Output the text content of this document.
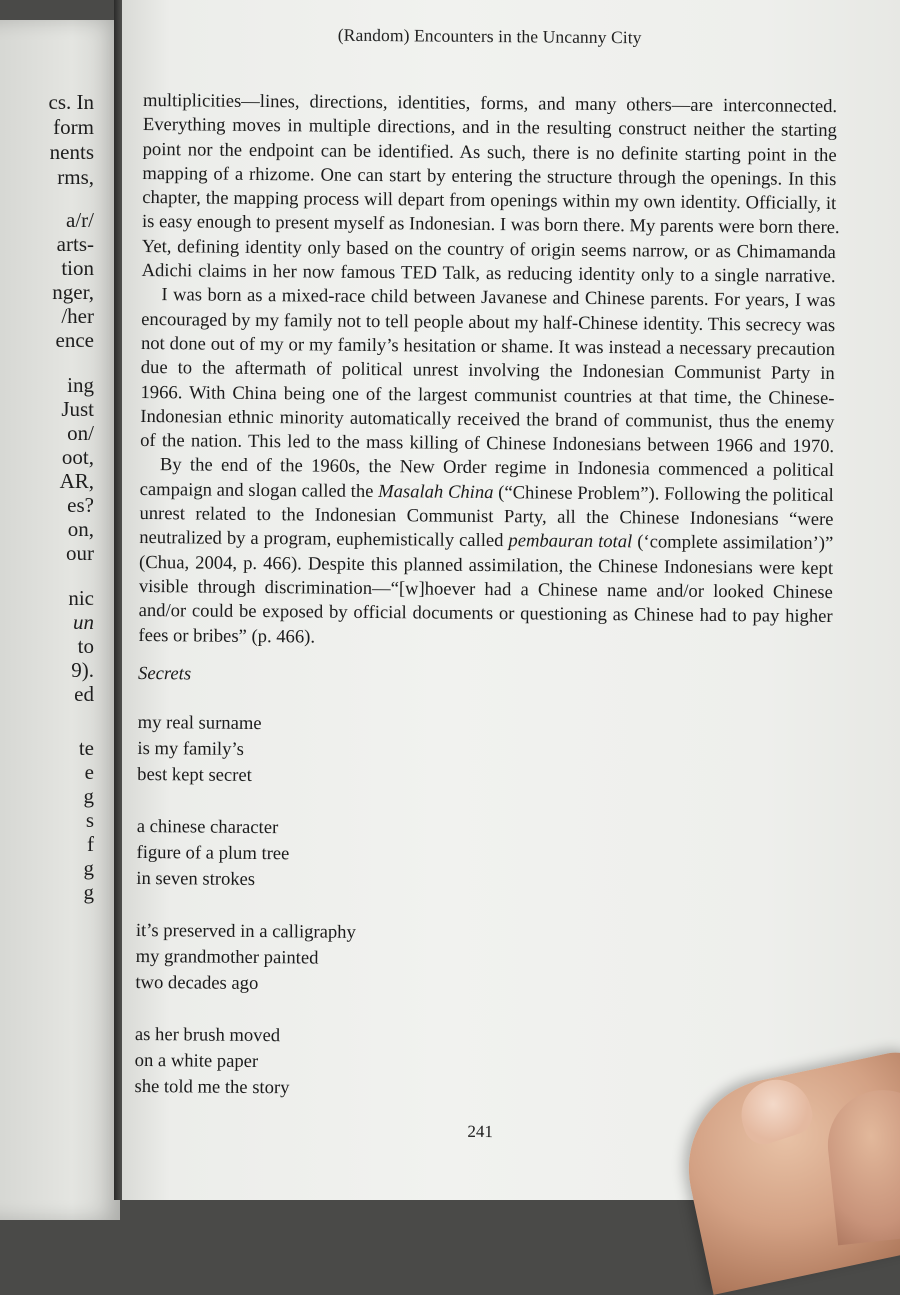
cs. In
form
nents
rms,
a/r/
arts-
tion
nger,
/her
ence
ing
Just
on/
oot,
AR,
es?
on,
our
nic
un
to
9).
ed
te
e
g
s
f
g
g
(Random) Encounters in the Uncanny City

multiplicities—lines, directions, identities, forms, and many others—are interconnected.
Everything moves in multiple directions, and in the resulting construct neither the starting
point nor the endpoint can be identified. As such, there is no definite starting point in the
mapping of a rhizome. One can start by entering the structure through the openings. In this
chapter, the mapping process will depart from openings within my own identity. Officially, it
is easy enough to present myself as Indonesian. I was born there. My parents were born there.
Yet, defining identity only based on the country of origin seems narrow, or as Chimamanda
Adichi claims in her now famous TED Talk, as reducing identity only to a single narrative.

I was born as a mixed-race child between Javanese and Chinese parents. For years, I was
encouraged by my family not to tell people about my half-Chinese identity. This secrecy was
not done out of my or my family’s hesitation or shame. It was instead a necessary precaution
due to the aftermath of political unrest involving the Indonesian Communist Party in
1966. With China being one of the largest communist countries at that time, the Chinese-
Indonesian ethnic minority automatically received the brand of communist, thus the enemy
of the nation. This led to the mass killing of Chinese Indonesians between 1966 and 1970.

By the end of the 1960s, the New Order regime in Indonesia commenced a political
campaign and slogan called the Masalah China (“Chinese Problem”). Following the political
unrest related to the Indonesian Communist Party, all the Chinese Indonesians “were
neutralized by a program, euphemistically called pembauran total (‘complete assimilation’)”
(Chua, 2004, p. 466). Despite this planned assimilation, the Chinese Indonesians were kept
visible through discrimination—“[w]hoever had a Chinese name and/or looked Chinese
and/or could be exposed by official documents or questioning as Chinese had to pay higher
fees or bribes” (p. 466).

Secrets
my real surname
is my family’s
best kept secret
a chinese character
figure of a plum tree
in seven strokes
it’s preserved in a calligraphy
my grandmother painted
two decades ago
as her brush moved
on a white paper
she told me the story
241
